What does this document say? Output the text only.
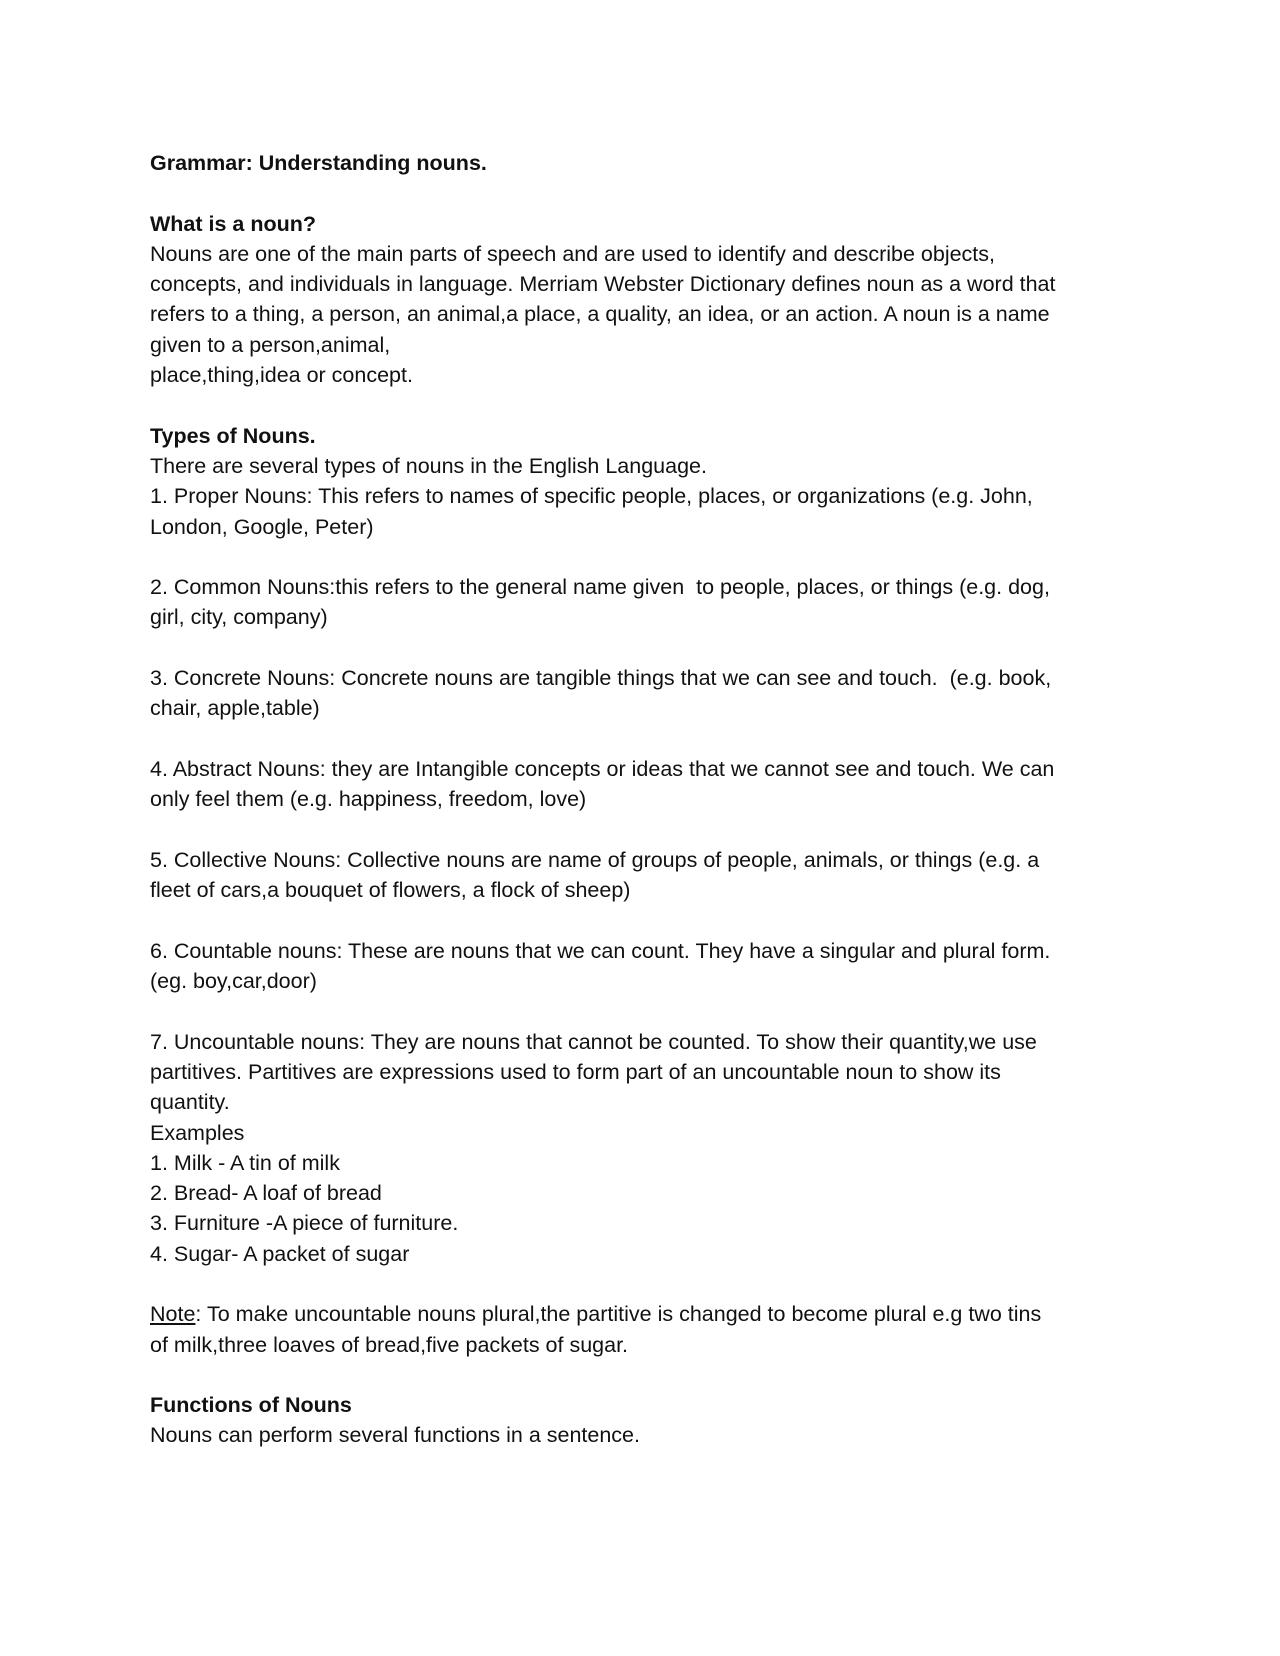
Grammar: Understanding nouns.
What is a noun?
Nouns are one of the main parts of speech and are used to identify and describe objects,
concepts, and individuals in language. Merriam Webster Dictionary defines noun as a word that
refers to a thing, a person, an animal,a place, a quality, an idea, or an action. A noun is a name
given to a person,animal,
place,thing,idea or concept.
Types of Nouns.
There are several types of nouns in the English Language.
1. Proper Nouns: This refers to names of specific people, places, or organizations (e.g. John,
London, Google, Peter)
2. Common Nouns:this refers to the general name given  to people, places, or things (e.g. dog,
girl, city, company)
3. Concrete Nouns: Concrete nouns are tangible things that we can see and touch.  (e.g. book,
chair, apple,table)
4. Abstract Nouns: they are Intangible concepts or ideas that we cannot see and touch. We can
only feel them (e.g. happiness, freedom, love)
5. Collective Nouns: Collective nouns are name of groups of people, animals, or things (e.g. a
fleet of cars,a bouquet of flowers, a flock of sheep)
6. Countable nouns: These are nouns that we can count. They have a singular and plural form.
(eg. boy,car,door)
7. Uncountable nouns: They are nouns that cannot be counted. To show their quantity,we use
partitives. Partitives are expressions used to form part of an uncountable noun to show its
quantity.
Examples
1. Milk - A tin of milk
2. Bread- A loaf of bread
3. Furniture -A piece of furniture.
4. Sugar- A packet of sugar
Note: To make uncountable nouns plural,the partitive is changed to become plural e.g two tins
of milk,three loaves of bread,five packets of sugar.
Functions of Nouns
Nouns can perform several functions in a sentence.
